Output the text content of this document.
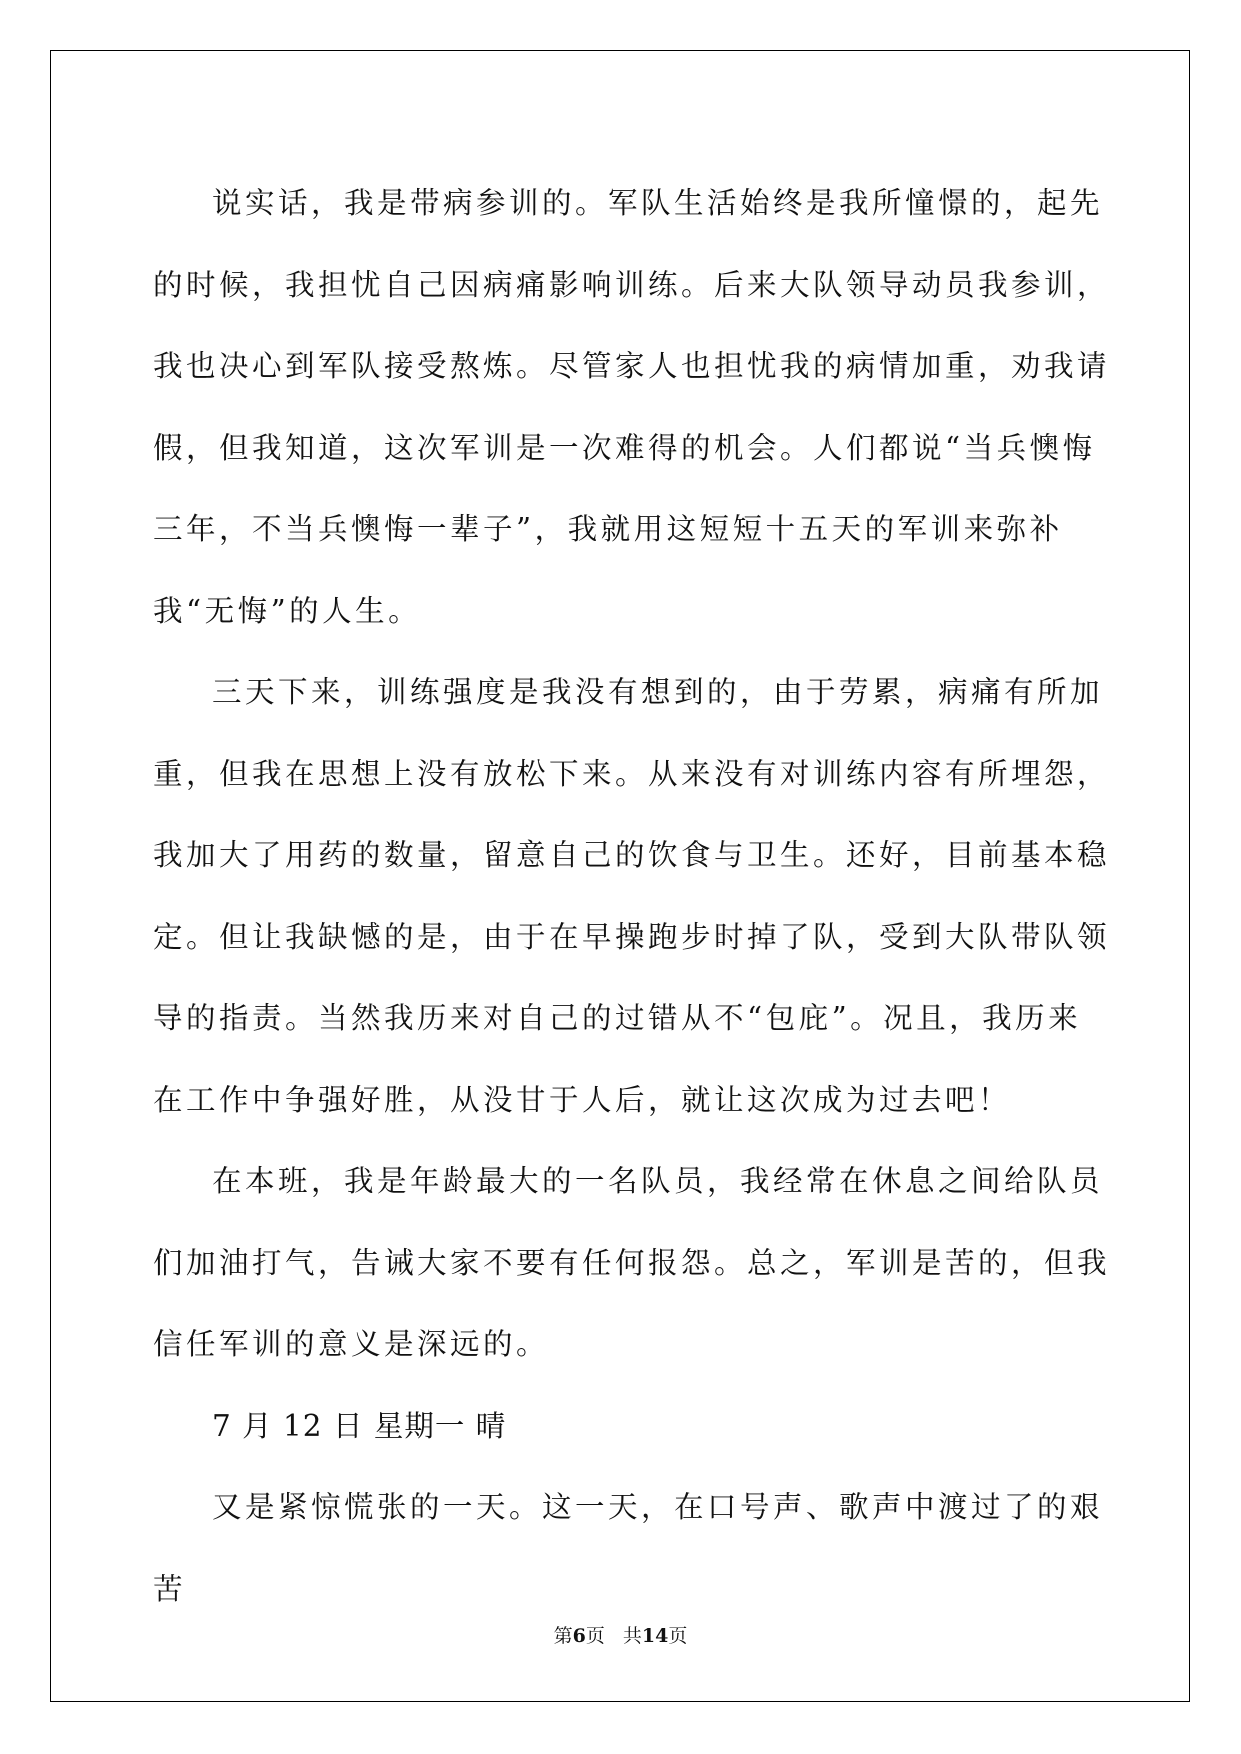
说实话，我是带病参训的。军队生活始终是我所憧憬的，起先的时候，我担忧自己因病痛影响训练。后来大队领导动员我参训，我也决心到军队接受熬炼。尽管家人也担忧我的病情加重，劝我请假，但我知道，这次军训是一次难得的机会。人们都说“当兵懊悔三年，不当兵懊悔一辈子”，我就用这短短十五天的军训来弥补我“无悔”的人生。

三天下来，训练强度是我没有想到的，由于劳累，病痛有所加重，但我在思想上没有放松下来。从来没有对训练内容有所埋怨，我加大了用药的数量，留意自己的饮食与卫生。还好，目前基本稳定。但让我缺憾的是，由于在早操跑步时掉了队，受到大队带队领导的指责。当然我历来对自己的过错从不“包庇”。况且，我历来在工作中争强好胜，从没甘于人后，就让这次成为过去吧！

在本班，我是年龄最大的一名队员，我经常在休息之间给队员们加油打气，告诫大家不要有任何报怨。总之，军训是苦的，但我信任军训的意义是深远的。

7 月 12 日 星期一 晴

又是紧惊慌张的一天。这一天，在口号声、歌声中渡过了的艰苦

第6页 共14页
